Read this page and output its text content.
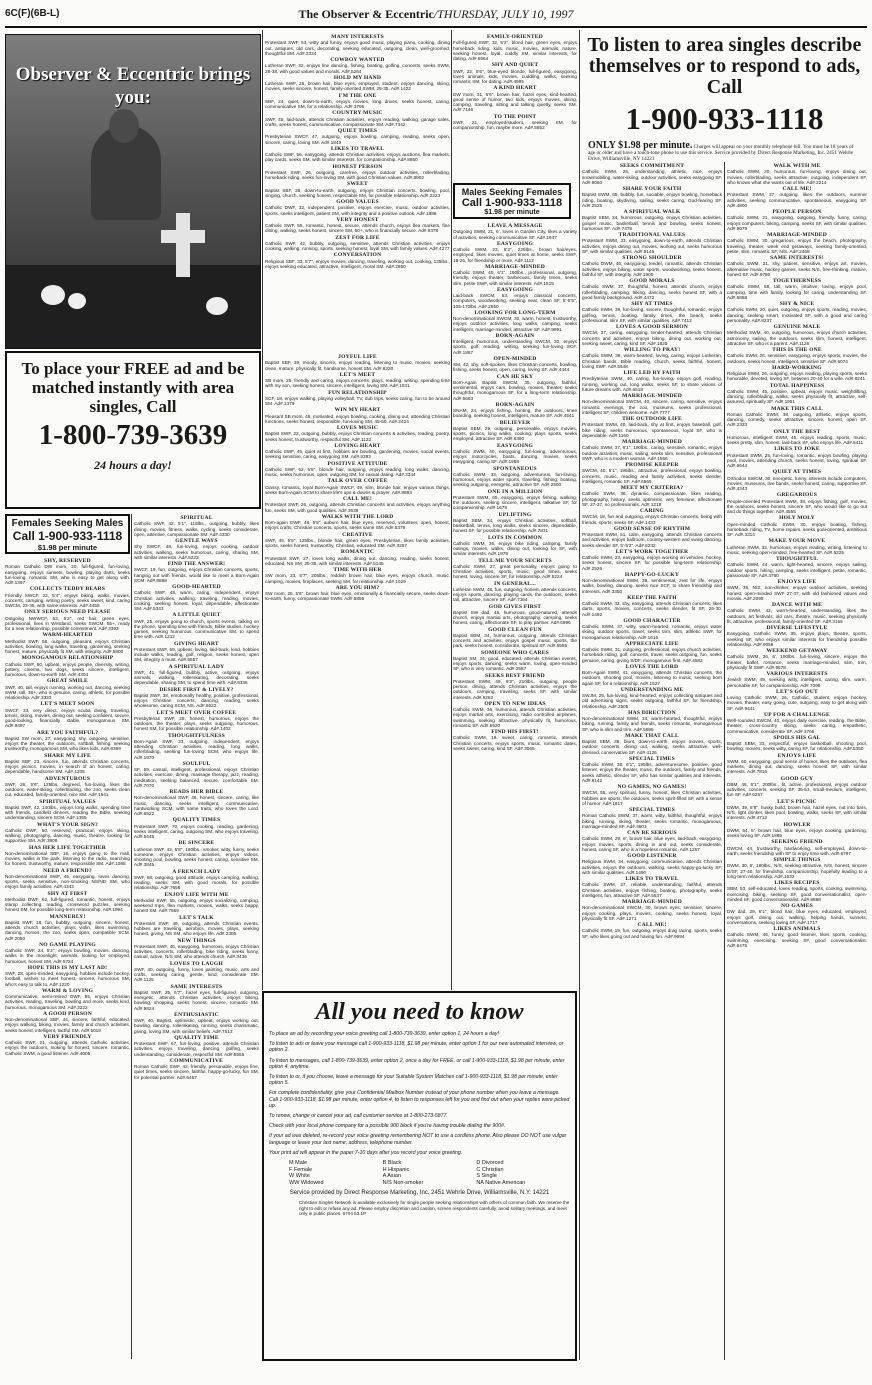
6C(F)(6B-L)	The Observer & Eccentric/THURSDAY, JULY 10, 1997
Observer & Eccentric brings you:
To place your FREE ad and be matched instantly with area singles, Call
1-800-739-3639
24 hours a day!
Females Seeking Males
Call 1-900-933-1118
$1.98 per minute
Males Seeking Females
Call 1-900-933-1118
$1.98 per minute
To listen to area singles describe themselves or to respond to ads, Call
1-900-933-1118
ONLY $1.98 per minute. Charges will appear on your monthly telephone bill. You must be 18 years of age or older and have a touch-tone phone to use this service. Service provided by Direct Response Marketing, Inc. 2451 Wehrle Drive, Williamsville, NY 14221
SHY, RESERVED

Roman Catholic DW mom, 20, full-figured, fun-loving, easygoing, enjoys sunsets, bowling, playing darts, seeks fun-loving, romantic SM, who is easy to get along with. Ad#.1397

COLLECTS TEDDY BEARS

Friendly SWCF, 22, 5'4", enjoys biking, walks, movies, concerts, camping, writing poetry, seeks sweet, kind, caring SWCM, 23-35, with same interests. Ad#.4455

ONLY SERIOUS NEED PLEASE

Outgoing NWWCF, 53, 5'2", red hair, green eyes, professional, lives in Westland, seeks SWCM, 55+, ready for a new relationship, possible commitment. Ad#.3393

WARM-HEARTED

Methodist SWF, 58, outgoing, pleasant, enjoys Christian activities, bowling, long walks, traveling, gardening, seeking honest, mature, physically fit SM, with integrity. Ad#.5800

MONOGAMOUS RELATIONSHIP

Catholic SWF, 50, upbeat, enjoys people, diversity, writing, pottery, cinema, two dogs, seeks sincere, intelligent, humorous, down-to-earth SM. Ad#.4304

GREAT SMILE

SWF, 40, tall, enjoys running, working out, dancing, seeking SWM, tall, 38+, who is genuine, caring, athletic, for possible relationship. Ad#.3333

LET'S MEET SOON

SWCF, 33, very direct, enjoys scuba diving, traveling, tennis, skiing, movies, dining out, seeking confident, secure, good-looking, financially stable, monogamous SM. Ad#.9497

ARE YOU FAITHFUL?

Baptist SW mom, 27, easygoing, shy, outgoing, sensitive, enjoys the theater, the outdoors, softball, fishing, seeking trustworthy, monogamous SM, who likes kids. Ad#.8369

SHARE MY LIFE

Baptist SBF, 23, sincere, fun, attends Christian concerts, enjoys picnics, movies, in search of an honest, caring, dependable, handsome SM. Ad#.1205

ADVENTUROUS

SWF, 26, 5'6", 125lbs, degreed, fun-loving, likes the outdoors, water-skiing, rollerblading, the zoo, seeks clean cut, educated, family-oriented, nice SM. Ad#.1541

SPIRITUAL VALUES

Baptist SWF, 42, 140lbs., enjoys long walks, spending time with friends, candlelit dinners, reading the Bible, seeking understanding, sincere SCM. Ad#.1355

WHAT'S YOUR SIGN?

Catholic DWF, 50, reserved, practical, enjoys skiing, walking, photography, dancing, music, theatre, looking for supportive SM. Ad#.3809

HAS HER LIFE TOGETHER

Non-denominational SBF, 19, enjoys going to the mall, movies, walks in the park, listening to the radio, searching for honest, trustworthy, mature, responsible SM. Ad#.1088

NEED A FRIEND?

Non-denominational SWF, 45, easygoing, loves dancing, sports, seeks sensitive, non-smoking NS/ND SM, who enjoys family activities. Ad#.4343

SHY AT FIRST

Methodist DWF, 62, full-figured, romantic, honest, enjoys stamp collecting, reading, crossword puzzles, seeking honest SM, for possible long-term relationship. Ad#.1994

MANNERLY!

Baptist SWF, 18, fun, bubbly, outgoing, sincere, honest, attends church activities, plays violin, likes swimming, dancing, horses, the zoo, seeks open, compatible SCM. Ad#.2050

NO GAME PLAYING

Catholic SWF, 24, 5'2", enjoys bowling, movies, dancing, walks in the moonlight, animals, looking for employed, humorous, honest SM. Ad#.5724

HOPE THIS IS MY LAST AD!

SWF, 28, open-minded, easygoing, hobbies include hockey, football, wishes to meet honest, sincere, humorous SM, who's easy to talk to. Ad#.1220

WARM & LOVING

Communicative, semi-retired DWF, 55, enjoys Christian activities, reading, traveling, bowling and more, seeks kind, humorous, monogamous SM. Ad#.3222

A GOOD PERSON

Non-denominational SBF, 44, sincere, faithful, educated, enjoys walking, biking, movies, family and church activities, seeks honest, intelligent, tactful SM. Ad#.5019

VERY FRIENDLY

Catholic SWF, 21, outgoing, attends Catholic activities, enjoys the outdoors, looking for honest, sincere, romantic, Catholic SWM, a good listener. Ad#.4005

MANY INTERESTS

Protestant SWF, 53, witty and funny, enjoys good music, playing piano, cooking, dining out, antiques, old cars, decorating, seeking educated, outgoing, clean, well-groomed, thoughtful SM. Ad#.3334

COWBOY WANTED

Lutheran SWF, 32, enjoys line dancing, fishing, boating, golfing, concerts, seeks SWM, 28-38, with good values and morals. Ad#.5264

HOLD MY HAND

Lutheran SWF, 25, brown hair, blue eyes, employed, student, enjoys dancing, skiing, movies, seeks sincere, honest, family-oriented SWM, 25-35. Ad#.1422

I'M THE ONE

SBF, 24, quiet, down-to-earth, enjoys movies, long drives, seeks honest, caring, communicative SM, for a relationship. Ad#.3795

COUNTRY MUSIC

SWF, 45, laid-back, attends Christian activities, enjoys reading, walking, garage sales, crafts, seeks honest, communicative, compassionate SM. Ad#.7342

QUIET TIMES

Presbyterian SWCF, 47, outgoing, enjoys bowling, camping, reading, seeks open, sincere, caring, loving SM. Ad#.1849

LIKES TO TRAVEL

Catholic SWF, 56, easygoing, attends Christian activities, enjoys auctions, flea markets, play cards, seeks SM, with similar interests, for companionship. Ad#.8850

HONEST PERSON

Protestant SWF, 26, outgoing, carefree, enjoys outdoor activities, rollerblading, horseback riding, seeks fun-loving SM, with good Christian values. Ad#.8902

SWEET

Baptist SBF, 28, down-to-earth, outgoing, enjoys Christian concerts, bowling, pool, singing, church, seeking honest, respectable SM, for possible relationship. Ad#.2223

GOOD VALUES

Catholic DWF, 32, independent, positive, enjoys exercise, music, outdoor activities, sports, seeks intelligent, patient SM, with integrity and a positive outlook. Ad#.1888

VERY HONEST

Catholic SWF, 55, romantic, honest, secure, attends church, enjoys flea markets, fine dining, walking, seeks honest, sincere SM, 60+, who is financially secure. Ad#.9378

ZEST FOR LIFE

Catholic SWF, 42, bubbly, outgoing, sensitive, attends Christian activities, enjoys cooking, walking, running, sports, seeking honest, loyal SM, with family values. Ad#.4277

CONVERSATION

Religious SBF, 33, 5'7", enjoys movies, dancing, traveling, working out, cooking, 135lbs., enjoys seeking educated, attractive, intelligent, moral SM. Ad#.2850

SPIRITUAL

Catholic SWF, 42, 5'1", 118lbs., outgoing, bubbly, likes dining, movies, fitness, walks, cycling, seeks considerate, open, attentive, compassionate SM. Ad#.4330

GENTLE WAYS

Shy SWCF, 48, fun-loving, enjoys cooking, outdoor activities, walking, seeks humorous, caring, sharing SM, with similar interests. Ad#.5223

FIND THE ANSWER!

SWCF, 19, fun, outgoing, enjoys Christian concerts, sports, hanging out with friends, would like to meet a Born-Again SCM. Ad#.8888

GOOD-HEARTED

Catholic SWF, 48, warm, caring, independent, enjoys Christian activities, walking, traveling, reading, movies, cooking, seeking honest, loyal, dependable, affectionate SM. Ad#.5343

A LITTLE QUIET

SWF, 25, enjoys going to church, sports events, talking on the phone, spending time with friends, Bible studies, hockey games, seeking humorous, communicative SM, to spend time with. Ad#.1212

GIVING HEART

Protestant SWF, 59, upbeat, loving, laid-back, kind, hobbies include walks, reading, golf, religion, seeks honest, open SM, integrity a must. Ad#.5557

A SPIRITUAL LADY

SWF, 41, full-figured, bubbly, active, outgoing, enjoys animals, walking, rollerskating, decorating, seeks dependable, sharing SM, to spend time with. Ad#.9336

DESIRE FIRST & LIVELY?

Baptist SWF, 38, emotionally healthy, positive, professional, enjoys Christian concerts, dancing, reading, seeks wholesome, caring SCM, NS. Ad#.6622

LET'S MEET OVER COFFEE

Presbyterian SWF, 25, honest, humorous, enjoys the outdoors, the theater, plays, seeks outgoing, humorous, honest SM, for possible relationship. Ad#.1402

THOUGHTFULNESS

Born-Again SWF, 23, outgoing, independent, enjoys attending Christian activities, reading, long walks, rollerblading, seeking fun-loving SCM, who enjoys life. Ad#.1970

SOULFUL

SF, 59, casual, intelligent, professional, enjoys Christian activities, exercise, dining, massage therapy, jazz, reading, meditation, seeking balanced, secure, comfortable SM. Ad#.7070

READS HER BIBLE

Non-denominational SWF, 46, honest, sincere, caring, like music, dancing, seeks intelligent, communicative, hardworking SCM, with same traits, who loves the Lord. Ad#.6522

QUALITY TIMES

Protestant SWF, 70, enjoys cooking, reading, gardening, seeks intelligent, caring, outgoing SM, who enjoys traveling. Ad#.5445

BE SINCERE

Lutheran SWF, 42, 5'8", 180lbs., smoker, witty, funny, seeks someone, enjoys Christian activities, enjoys videos, shooting pool, bowling, seeks honest, caring, sensitive SM. Ad#.3845

A FRENCH LADY

SWF, 68, outgoing, good attitude, enjoys camping, walking, reading, seeks SM, with good morals, for possible relationship. Ad#.7658

ENJOY LIFE WITH ME

Methodist SWF, 55, outgoing, enjoys socializing, camping, weekend trips, flea markets, movies, walks, seeks happy, honest SM. Ad#.7669

LET'S TALK

Protestant SWF, 49, outgoing, attends Christian events, hobbies are traveling, aerobics, movies, plays, seeking honest, giving, NS SM, who enjoys life. Ad#.2305

NEW THINGS

Protestant SWF, 46, easygoing, humorous, enjoys Christian activities, concerts, rollerblading, bike riding, seeks funny, casual, active, N/S SM, who attends church. Ad#.3436

LOVES TO LAUGH

SWF, 40, outgoing, funny, loves painting, music, arts and crafts, seeking caring, gentle, kind, considerate SM. Ad#.1125

SAME INTERESTS

Baptist SWF, 25, 5'7", hazel eyes, full-figured, outgoing, energetic, attends Christian activities, enjoys biking, bowling, shopping, seeks honest, sincere, romantic SM. Ad#.9824

ENTHUSIASTIC

SWF, 40, Baptist, optimistic, upbeat, enjoys working out, bowling, dancing, rollerskating, running, seeks charismatic, giving, loving SM, with similar beliefs. Ad#.7513

QUALITY TIME

Protestant SWF, 67, fun-loving, positive, attends Christian activities, enjoys traveling, dancing, golfing, seeks understanding, considerate, respectful SM. Ad#.5555

COMMUNICATIVE

Roman Catholic SWF, 42, friendly, personable, enjoys fine, quiet times, seeks sincere, faithful, happy-go-lucky, fun SM, for potential partner. Ad#.5467

JOYFUL LIFE

Baptist SBF, 39, moody, sincere, enjoys reading, listening to music, movies, seeking clean, mature, physically fit, handsome, honest SM. Ad#.6220

LET'S MEET

SB mom, 25, friendly and caring, enjoys concerts, plays, reading, writing, spending time with my son, seeking honest, sincere, intelligent, loving SM. Ad#.1031

FUN RELATIONSHIP

SCF, 18, enjoys walking, playing volleyball, TV, dub trips, seeks caring, fun to be around SM. Ad#.1379

WIN MY HEART

Pleasant SB mom, 49, motivated, enjoys bowling, cooking, dining out, attending Christian functions, seeks honest, responsible, fun-loving SM, 45-50. Ad#.2424

LOVES MUSIC

Baptist SWF, 22, outgoing, bubbly, enjoys Christian concerts & activities, reading, poetry, seeks honest, trustworthy, respectful SM. Ad#.1122

LOVING HEART

Catholic SWF, 45, quiet at first, hobbies are bowling, gardening, movies, social events, seeking sensitive, caring, easygoing SM. Ad#.9393

POSITIVE ATTITUDE

Catholic SWF, 52, 5'5", blonde hair, outgoing, enjoys reading, long walks, dancing, music, seeks humorous, open, outgoing SM, for casual dating. Ad#.3344

TALK OVER COFFEE

Classy, romantic, loyal Born-Again SWCF, 49, slim, blonde hair, enjoys various things, seeks Born-Again SCM to share life's ups & downs & prayer. Ad#.8883

CALL ME!

Protestant SWF, 26, outgoing, attends Christian concerts and activities, enjoys anything fun, seeks SM, with good qualities. Ad#.3639

WALKS WITH THE LORD

Born-again DWF, 48, 5'5", auburn hair, blue eyes, reserved, volunteer, open, honest, enjoys crafts, Christian concerts, sports, seeks same SM. Ad#.5379

CREATIVE

SWF, 45, 5'5", 125lbs., blonde hair, green eyes, Presbyterian, likes family activities, sports, seeks honest, trustworthy, Christian, educated SM. Ad#.3257

ROMANTIC

Protestant SWF, 27, loves long walks, dining out, dancing, reading, seeks honest, educated, NS SM, 25-35, with similar interests. Ad#.5145

TIME WITH HER

SW mom, 33, 5'7", 205lbs., reddish brown hair, blue eyes, enjoys church, music, camping, movies, fireplaces, seeking SM, for relationship. Ad#.1029

ARE YOU HIM?

SW mom, 25, 5'6", brown hair, blue eyes, emotionally & financially secure, seeks down-to-earth, funny, compassionate SWM. Ad#.5855

FAMILY-ORIENTED

Full-figured SWF, 32, 5'2", blond hair, green eyes, enjoys horseback riding, kids, music, movies, animals, nature, seeking honest, loyal, cuddly SM, similar interests, for dating. Ad#.5564

SHY AND QUIET

SWF, 22, 5'6", blue-eyed blonde, full-figured, easygoing, loves animals, kids, movies, cuddling, walks, seeking romantic SM, for dating. Ad#.4985

A KIND HEART

DW mom, 31, 5'6", brown hair, hazel eyes, kind-hearted, good sense of humor, two kids, enjoys movies, skiing, camping, traveling, sitting and talking quietly, seeks SM. Ad#.7146

TO THE POINT

SWF, 21, employed/student, seeking SM, for companionship, fun, maybe more. Ad#.5852

LEAVE A MESSAGE

Outgoing SWM, 21, 6', loves in Garden City, likes a variety of activities, seeking communicative SF. Ad#.1947

EASYGOING

Catholic SWM, 23, 6'2", 225lbs., brown hair/eyes, employed, likes movies, quiet times at home, seeks SWF, 18-26, for friendship or more. Ad#.1112

MARRIAGE-MINDED

Catholic SWM, 40, 6'1", 190lbs., professional, outgoing, friendly, enjoys theater, barbecues, family times, seeks slim, petite SWF, with similar interests. Ad#.1515

EASYGOING

Laid-back SWCM, 53, enjoys classical concerts, computers, woodworking, seeking neat, clean SF, 5'-5'5", 105-170lbs. Ad#.2650

LOOKING FOR LONG-TERM

Non-denominational SWCM, 30, warm, honest, trustworthy, enjoys outdoor activities, long walks, camping, seeks intelligent, marriage-minded, attractive SF. Ad#.9991

BORN-AGAIN

Intelligent, humorous, understanding SWCM, 30, enjoys sports, golf, reading, writing, seeking fun-loving SCF. Ad#.1867

OPEN-MINDED

SM, 42, shy, soft-spoken, likes Christian concerts, bowling, fishing, seeks honest, open, caring, loving SF. Ad#.4444

CAN HE SKY

Born-Again Baptist SWCM, 35, outgoing, faithful, sentimental, enjoys cars, bowling, movies, theater, seeks thoughtful, monogamous SF, for a long-term relationship. Ad#.6683

BORN-AGAIN

SNAM, 24, enjoys fishing, hunting, the outdoors, knee boarding, seeking honest, intelligent, mature SF. Ad#.4541

BELIEVER

Baptist SBM, 29, outgoing, personable, enjoys movies, sports, picnics, long walks, cooking, plays sports, seeks employed, attractive SF. Ad#.6390

EASYGOING

Catholic SWM, 40, easygoing, fun-loving, adventurous, enjoys motorcycles, boats, dancing, movies, seeks easygoing, caring SF. Ad#.1958

SPONTANEOUS

Catholic SWM, 33, outgoing, adventurous, fun-loving, humorous, enjoys water sports, traveling, fishing, boating, seeking outgoing, energetic, attractive SF. Ad#.2500

ONE IN A MILLION

Protestant SWM, 65, easygoing, enjoys fishing, walking, the outdoors, seeking sincere, intelligent, talkative SF, for companionship. Ad#.1679

UPLIFTING

Baptist SBM, 34, enjoys Christian activities, softball, basketball, tennis, long walks, seeks sincere, dependable, honest SF, for possible relationship. Ad#.7831

LOTS IN COMMON

Catholic SWM, 36, enjoys bike riding, camping, family outings, movies, walks, dining out, looking for SF, with similar interests. Ad#.1979

TELL ME YOUR SECRETS

Catholic SWM, 27, great personality, enjoys going to Christian activities, sports, music, good times, seeks honest, loving, sincere SF, for relationship. Ad#.5224

IN GENERAL...

Lutheran SWM, 48, fun, outgoing, honest, attends concerts, enjoys sports, dancing, playing cards, the outdoors, seeks tall, attractive, sincere SF. Ad#.7164

GOD GIVES FIRST

Baptist SW dad, 45, humorous, good-natured, attends church, enjoys martial arts, photography, camping, seeks honest, caring, affectionate SF, to play partner. Ad#.6996

GOOD CLEAN FUN

Baptist SBM, 34, humorous, outgoing, attends Christian concerts and activities, enjoys gospel music, sports, the park, seeks honest, considerate, spiritual SF. Ad#.5555

SOMEONE WHO CARES

Baptist SM, 34, good, educated, attends Christian events, enjoys sports, dancing, seeks warm, loving, open-minded SF, who is very romantic. Ad#.2587

SEEKS BEST FRIEND

Protestant SWM, 49, 6'3", 210lbs., outgoing, people person, dining, attends Christian activities, enjoys the outdoors, camping, traveling, seeks SF, with similar interests. Ad#.6262

OPEN TO NEW IDEAS

Catholic SWM, 36, humorous, attends Christian activities, enjoys martial arts, exercising, radio controlled airplanes, swimming, seeking attractive, physically fit, humorous, romantic SF. Ad#.6520

FIND HIS FIRST!

Catholic SWM, 18, sweet, caring, romantic, attends Christian concerts, enjoys sports, music, romantic dates, seeks sweet, caring, kind SF. Ad#.3065

SEEKS COMMITMENT

Catholic SWM, 25, understanding, athletic, nice, enjoys snowmobiling, water-skiing, outdoor activities, seeks easygoing SF. Ad#.9060

SHARE YOUR FAITH

Baptist SWM, 65, bubbly, fun, sociable, enjoys bowling, horseback riding, boating, skydiving, sailing, seeks caring, God-fearing SF. Ad#.2525

A SPIRITUAL WALK

Baptist SBM, 34, humorous, outgoing, enjoys Christian activities, gospel music, basketball, tennis and bowling, seeks honest, humorous SF. Ad#.7478

TRADITIONAL VALUES

Protestant SWM, 33, easygoing, down-to-earth, attends Christian activities, enjoys dining out, movies, working out, seeks humorous SF, with similar qualities. Ad#.9145

STRONG SHOULDER

Catholic DWM, 46, easygoing, tender, romantic, attends Christian activities, enjoys biking, water sports, woodworking, seeks honest, faithful SF, with integrity. Ad#.1900

GOOD MORALS

Catholic SWM, 37, thoughtful, honest, attends church, enjoys rollerblading, camping, biking, dancing, seeks honest SF, with a good family background. Ad#.4472

SHY AT TIMES

Catholic SWM, 39, fun-loving, sincere, thoughtful, romantic, enjoys golfing, tennis, boating, family times, the beach, seeks professional, slim SF, with similar qualities. Ad#.7412

LOVES A GOOD SERMON

SWCM, 37, caring, easygoing, tender-hearted, attends Christian concerts and activities, enjoys biking, dining out, working out, seeking sweet, caring, kind SF. Ad#.1825

WILLING TO PRAY!

Catholic SWM, 38, warm-hearted, loving, caring, enjoys Lutheran, Christian bands, Bible reading, church, seeks faithful, honest, loving SWF. Ad#.5648

LIFE LED BY FAITH

Presbyterian SWM, 40, caring, fun-loving, enjoys golf, reading, running, working out, long walks, seeks SF, to share visions of future dreams with. Ad#.6518

MARRIAGE-MINDED

Non-denominational SWCM, 40, sincere, caring, sensitive, enjoys romantic evenings, the zoo, museums, seeks professional, intelligent SF, children welcome. Ad#.7777

THE OUTDOOR LIFE

Protestant SWM, 40, laid-back, shy at first, enjoys baseball, golf, bike riding, seeks humorous, spontaneous, loyal SF, who is dependable. Ad#.1160

MARRIAGE-MINDED

Catholic SWM, 37, 6'1", 190lbs., caring, sensitive, romantic, enjoys outdoor activities, music, sailing, seeks slim, sensitive, professional SWF, who is a modern woman. Ad#.1556

PROMISE KEEPER

SWCM, 40, 6'1", 195lbs., attractive, professional, enjoys bowling, concerts, music, reading and family activities, seeks slender, intelligent, romantic SF. Ad#.6565

MEET MY CRITERIA?

Catholic SWM, 38, dynamic, compassionate, likes reading, photography, history, seeks optimistic, very feminine, affectionate SF, 27-37, no professionals. Ad#.1218

CARING

SWCM, 18, fun and outgoing, enjoys Christian concerts, being with friends, sports, seeks SF. Ad#.1433

GOOD SENSE OF RHYTHM

Protestant SWM, 51, calm, easygoing, attends Christian concerts and activities, enjoys ballroom, country-western and swing dancing, seeks slender SF, 5'-5'2". Ad#.6232

LET'S WORK TOGETHER

Catholic SWM, 23, easygoing, enjoys working on vehicles, hockey, seeks honest, sincere SF, for possible long-term relationship. Ad#.2526

HAPPY-GO-LUCKY

Non-denominational SWM, 39, sentimental, zest for life, enjoys walks, bowling, dancing, seeks nice SCF, to share friendship and interests. Ad#.3350

KEEP THE FAITH

Catholic SWM, 32, shy, easygoing, attends Christian concerts, likes darts, sports, movies, concerts, seeks slender, fit SF, 26-30. Ad#.1492

GOOD CHARACTER

Catholic SWM, 37, witty, warm-hearted, romantic, enjoys water skiing, outdoor sports, travel, seeks trim, slim, athletic SWF, for monogamous relationship. Ad#.1616

APPRECIATE LIFE

Catholic SWM, 31, outgoing, professional, enjoys church activities, horseback riding, golf, concerts, travel, seeks outgoing, fun, seeks genuine, caring, giving S/DF, monogamous first. Ad#.4582

LOVES THE LORD

Born-Again SWM, 41, easygoing, attends Christian concerts, the outdoors, shooting pool, movies, listening to music, seeking born again SF, for a relationship. Ad#.1527

UNDERSTANDING ME

SWJM, 25, fun-loving, kind-hearted, enjoys collecting antiques and old advertising signs, seeks outgoing, faithful SF, for friendship, relationship. Ad#.2505

HAS DIRECTION

Non-denominational SWM, 34, warm-hearted, thoughtful, enjoys biking, running, family and friends, seeks romantic, monogamous SF, who is slim and trim. Ad#.5696

MAKE THAT CALL

Baptist SBM, 38, blunt, down-to-earth, enjoys movies, sports, outdoor concerts, dining out, walking, seeks attractive, well-dressed, conservative SF. Ad#.4126

SPECIAL TIMES

Catholic SWM, 38, 6'1", 195lbs, adventuresome, positive, good listener, enjoys the theater, music, the outdoors, family and friends, seeks athletic, slender SF, who has similar qualities and interests. Ad#.8142

NO GAMES, NO GAMES!

SWCM, 55, very spiritual, funny, honest, likes Christian activities, hobbies are sports, the outdoors, seeks spirit-filled SF, with a sense of humor. Ad#.1817

SPECIAL TIMES

Roman Catholic SWM, 37, warm, witty, faithful, thoughtful, enjoys biking, running, skiing, theater, seeks romantic, monogamous, marriage-minded SF. Ad#.4603

CAN BE SERIOUS

Catholic SWM, 29, 6', brown hair, blue eyes, laid-back, easygoing, enjoys movies, sports, dining in and out, seeks considerate, honest, caring SF, who is a hopeless romantic. Ad#.1267

GOOD LISTENER

Religious SWM, 34, easygoing, communicative, attends Christian activities, enjoys the outdoors, walking, seeks happy-go-lucky SF, with similar qualities. Ad#.1490

LIKES TO TRAVEL

Catholic SWM, 27, reliable, understanding, faithful, attends Christian activities, enjoys fishing, boating, photography, seeks intelligent, fun, attractive SF. Ad#.5537

MARRIAGE-MINDED

Non-denominational SWCM, 30, brown eyes, sensitive, sincere, enjoys cooking, plays, movies, cooking, seeks honest, loyal, physically fit SF. Ad#.1271

CALL ME!

Catholic SWM, 19, fun, outgoing, enjoys drag racing, sports, seeks SF, who likes going out and having fun. Ad#.9694

WALK WITH ME

Catholic SWM, 20, humorous, fun-loving, enjoys dining out, movies, rollerblading, seeks attractive, outgoing, independent SF, who knows what she wants out of life. Ad#.2214

CALL ME!

Protestant SWM, 37, outgoing, likes the outdoors, summer activities, seeking communicative, spontaneous, easygoing SF. Ad#.4800

PEOPLE PERSON

Catholic SWM, 21, easygoing, outgoing, friendly, funny, caring, enjoys computers, biking, camping, seeks SF, with similar qualities. Ad#.9079

MARRIAGE-MINDED

Catholic SWM, 30, gregarious, enjoys the beach, photography, traveling, theater, week end getaways, seeking family-oriented, petite, slim, romantic SF, N/S. Ad#.2468

SAME INTERESTS!

Catholic SWM, 21, shy, patient, sensitive, enjoys art, movies, alternative music, hockey games, seeks N/S, free-thinking, mature, honest SF. Ad#.9780

TOGETHERNESS

Catholic SWM, 68, tall, warm, intuitive, loving, enjoys pool, camping, time with family, looking for caring, understanding SF. Ad#.5858

SHY & NICE

Catholic SWM, 20, quiet, outgoing, enjoys sports, reading, movies, dancing, seeking smart, motivated SF, with a good and caring personality. Ad#.8237

GENUINE MALE

Methodist SWM, 40, outgoing, humorous, enjoys church activities, astronomy, sailing, the outdoors, seeks slim, honest, intelligent, attractive SF, who is a parent. Ad#.1126

THIS IS THE ONE

Catholic SWM, 26, sensitive, easygoing, enjoys sports, movies, the outdoors, seeks honest, intelligent, sensitive SF. Ad#.6074

HARD-WORKING

Religious SWM, 26, outgoing, enjoys reading, playing sports, seeks honorable, devoted, loving SF, between 20-40 for a wife. Ad#.9241

TOTAL HAPPINESS

Catholic SWM, 45, positive, upbeat, enjoys music, weightlifting, dancing, rollerblading, walks, seeks physically fit, attractive, self-assured, spiritually SF. Ad#.1951

MAKE THIS CALL

Roman Catholic SWM, 38, outgoing, athletic, enjoys sports, dancing, comedy, seeks attractive, sincere, honest, open SF. Ad#.2333

ONLY THE BEST

Humorous, intelligent SWM, 45, enjoys reading, sports, music, seeks pretty, slim, honest, laid-back SF, who enjoys life. Ad#.5411

LIKES TO JOKE

Protestant SWM, 25, fun-loving, romantic, enjoys bowling, playing pool, movies, attending church, seeks honest, loving, spiritual SF. Ad#.6644

QUIET AT TIMES

Orthodox SWCM, 30, energetic, funny, interests include computers, movies, museums, live bands, seeks honest, caring, supportive SF. Ad#.4343

GREGARIOUS

People-oriented Protestant SWM, 38, enjoys fishing, golf, movies, the outdoors, seeks honest, sincere SF, who would like to go out and do things together. Ad#.4555

HOLY MOLY

Open-minded Catholic SWM, 30, enjoys boating, fishing, horseback riding, TV, home repairs, seeks goal-oriented, ambitious SF. Ad#.3314

MAKE YOUR MOVE

Lutheran SWM, 32, humorous, enjoys reading, writing, listening to music, seeking open-minded, free-hearted SF. Ad#.5225

THOUGHTFUL

Catholic SWM, 44, warm, light-hearted, sincere, enjoys sailing, outdoor sports, hiking, camping, seeks intelligent, petite, romantic, passionate SF. Ad#.3760

ENJOYS LIFE

SWM, 35, N/S, non-drinker, enjoys outdoor activities, seeking honest, open-minded SWF 27-37, with old fashioned values and morals. Ad#.2098

DANCE WITH ME

Catholic SWM, 42, warm-hearted, understanding, likes the outdoors, art festivals, old cars, theatre, music, seeking physically fit, attractive, professional, family-oriented SF. Ad#.3156

DIVERSE LIFESTYLE

Easygoing, Catholic SWM, 35, enjoys plays, theatre, sports, seeking SF, who enjoys similar interests for friendship possible relationship. Ad#.9056

WEEKEND GETAWAY

Catholic SWM, 36, 6', 190lbs., fun-loving, sincere, enjoys the theater, ballet, romance, seeks marriage-minded, slim, trim, physically fit SWF. Ad#.9678

VARIOUS INTERESTS

Jewish SWM, 49, seeking witty, intelligent, caring, slim, warm, personable SF, for companionship. Ad#.7098

LET'S GO OUT

Loving Catholic SWM, 26, Catholic, student, enjoys hockey, movies, theater, easy going, cute, outgoing, easy to get along with SF. Ad#.9441

UP FOR A CHALLENGE

Well-rounded SWCM, 40, enjoys daily exercise, reading, the Bible, theater, cross-country skiing, seeks caring, empathetic, communicative, considerate SF. Ad#.3765

SPOILS HIS GAL

Baptist SBM, 33, respectful, enjoys basketball, shooting pool, bowling, movies, seeks witty, caring SF, for relationship. Ad#.5350

ENJOYS LIFE

SWM, 60, easygoing, good sense of humor, likes the outdoors, flea markets, dining out, dancing, seeks honest SF, with similar interests. Ad#.7816

GOOD GUY

DBM, 48, 6'1", 200lbs., fit, active, professional, enjoys outdoor activities, concerts, seeking SF, 35-53, small-medium, intelligent, fun SF. Ad#.6257

LET'S PICNIC

DWM, 39, 6'8", husky build, brown hair, hazel eyes, not into bars, N/S, light drinker, likes pool, bowling, walks, seeks SF, with similar interests. Ad#.4712

HOWLER

DWM, 54, 6', brown hair, blue eyes, enjoys cooking, gardening, seeks loving SF. Ad#.1885

SEEKING FRIEND

DWCM, 44, trustworthy, hardworking, self-employed, down-to-earth, seeks friendship with SF to enjoy time with. Ad#.6797

SIMPLE THINGS

DWM, 30, 6', 180lbs., N/S, seeking attractive, N/S, honest, sincere D/SF, 27-40, for friendship, companionship, hopefully leading to a long-term relationship. Ad#.1632

LIKES RECIPES

SBM, 53, self-educated, loves reading, sports, cooking, swimming, exercising, biking, seeking SF, good conversationalist, open-minded SF, good conversationalist. Ad#.8888

NO GAMES

DW dad, 29, 6'1", blond hair, blue eyes, educated, employed, enjoys golf, dining out, walking, helping hands, sunsets, conversations, seeking loving SF. Ad#.1717

LIKES ANIMALS

Catholic SWM, 46, funny, good listener, likes sports, cooking, swimming, exercising, seeking SF, good conversationalist. Ad#.6475

All you need to know

To place an ad by recording your voice greeting call 1-800-739-3639, enter option 1, 24 hours a day!

To listen to ads or leave your message call 1-900-933-1118, $1.98 per minute, enter option 1 for our new automated interview, or option 2.

To listen to messages, call 1-800-739-3639, enter option 2, once a day for FREE, or call 1-900-933-1118, $1.98 per minute, enter option 4, anytime.

To listen to or, if you choose, leave a message for your Suitable System Matches call 1-900-933-1118, $1.98 per minute, enter option 5.

For complete confidentiality, give your Confidential Mailbox Number instead of your phone number when you leave a message. Call 1-900-933-1118, $1.98 per minute, enter option 4, to listen to responses left for you and find out when your replies were picked up.

To renew, change or cancel your ad, call customer service at 1-800-273-5877.

Check with your local phone company for a possible 900 block if you're having trouble dialing the 900#.

If your ad was deleted, re-record your voice greeting remembering NOT to use a cordless phone. Also please DO NOT use vulgar language or leave your last name, address, telephone number.

Your print ad will appear in the paper 7-10 days after you record your voice greeting.

M Male	B Black	D Divorced
F Female	H Hispanic	C Christian
W White	A Asian	S Single
WW Widowed	N/S Non-smoker	NA Native American
Service provided by Direct Response Marketing, Inc. 2451 Wehrle Drive, Williamsville, N.Y. 14221
Christian Singles Network is available exclusively for single people seeking relationships with others of common faith. We reserve the right to edit or refuse any ad. Please employ discretion and caution, screen respondents carefully, avoid solitary meetings, and meet only in public places. 6704 53.1P
